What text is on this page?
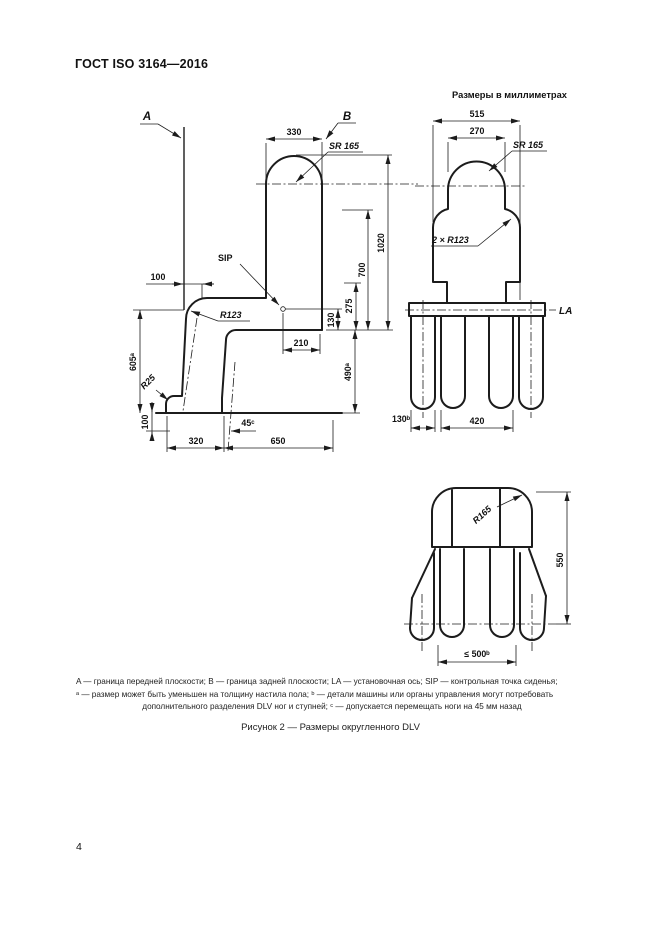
ГОСТ ISO 3164—2016
Размеры в миллиметрах
A	B
330
SR 165
SIP
R123
100
1020
700
275
130
210
490ᵃ
605ᵃ
R25
100
320
45ᶜ
650
515
270
SR 165
2 × R123
LA
130ᵇ	420
R165
550
≤ 500ᵇ
A — граница передней плоскости; B — граница задней плоскости; LA — установочная ось; SIP — контрольная точка сиденья;
ᵃ — размер может быть уменьшен на толщину настила пола; ᵇ — детали машины или органы управления могут потребовать
дополнительного разделения DLV ног и ступней; ᶜ — допускается перемещать ноги на 45 мм назад
Рисунок 2 — Размеры округленного DLV
4
